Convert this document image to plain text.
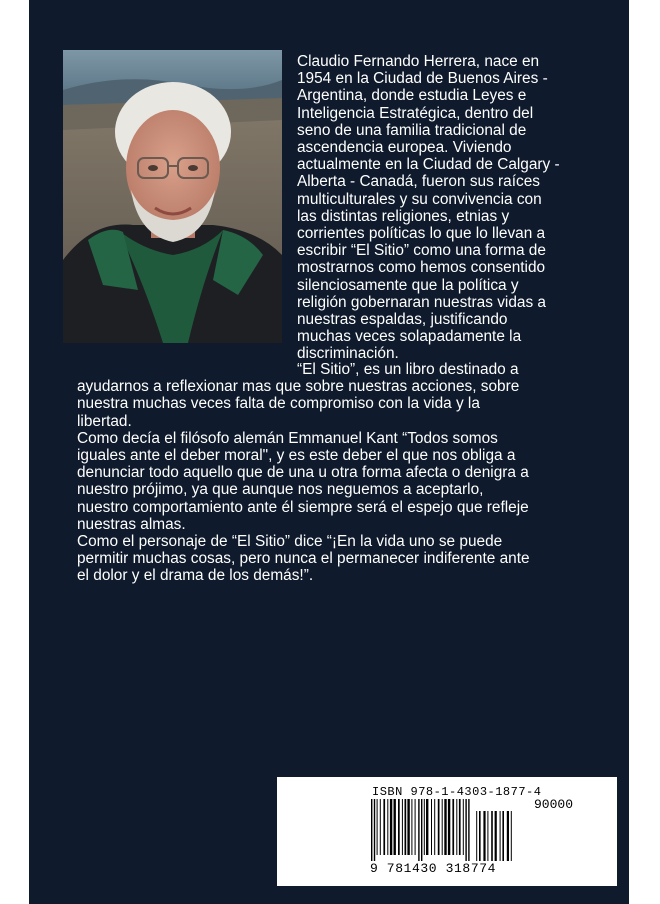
Claudio Fernando Herrera, nace en
1954 en la Ciudad de Buenos Aires -
Argentina, donde estudia Leyes e
Inteligencia Estratégica, dentro del
seno de una familia tradicional de
ascendencia europea. Viviendo
actualmente en la Ciudad de Calgary -
Alberta - Canadá, fueron sus raíces
multiculturales y su convivencia con
las distintas religiones, etnias y
corrientes políticas lo que lo llevan a
escribir “El Sitio” como una forma de
mostrarnos como hemos consentido
silenciosamente que la política y
religión gobernaran nuestras vidas a
nuestras espaldas, justificando
muchas veces solapadamente la
discriminación.
“El Sitio”, es un libro destinado a
ayudarnos a reflexionar mas que sobre nuestras acciones, sobre
nuestra muchas veces falta de compromiso con la vida y la
libertad.
Como decía el filósofo alemán Emmanuel Kant “Todos somos
iguales ante el deber moral", y es este deber el que nos obliga a
denunciar todo aquello que de una u otra forma afecta o denigra a
nuestro prójimo, ya que aunque nos neguemos a aceptarlo,
nuestro comportamiento ante él siempre será el espejo que refleje
nuestras almas.
Como el personaje de “El Sitio” dice “¡En la vida uno se puede
permitir muchas cosas, pero nunca el permanecer indiferente ante
el dolor y el drama de los demás!”.
ISBN 978-1-4303-1877-4
90000
9 781430 318774
